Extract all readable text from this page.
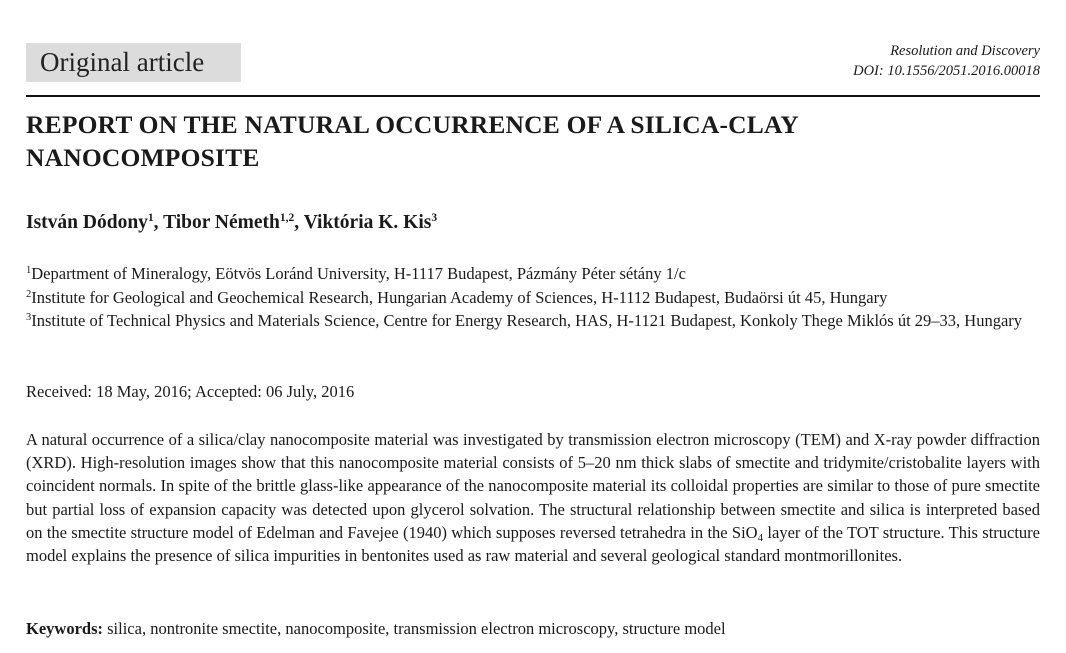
Original article	Resolution and Discovery
DOI: 10.1556/2051.2016.00018
REPORT ON THE NATURAL OCCURRENCE OF A SILICA-CLAY
NANOCOMPOSITE
István Dódony$^1$, Tibor Németh$^{1,2}$, Viktória K. Kis$^3$
$^1$Department of Mineralogy, Eötvös Loránd University, H-1117 Budapest, Pázmány Péter sétány 1/c
$^2$Institute for Geological and Geochemical Research, Hungarian Academy of Sciences, H-1112 Budapest, Budaörsi út 45, Hungary
$^3$Institute of Technical Physics and Materials Science, Centre for Energy Research, HAS, H-1121 Budapest, Konkoly Thege Miklós út 29–33, Hungary
Received: 18 May, 2016; Accepted: 06 July, 2016

A natural occurrence of a silica/clay nanocomposite material was investigated by transmission electron microscopy (TEM) and X-ray powder diffraction (XRD). High-resolution images show that this nanocomposite material consists of 5–20 nm thick slabs of smectite and tridymite/cristobalite layers with coincident normals. In spite of the brittle glass-like appearance of the nanocomposite material its colloidal properties are similar to those of pure smectite but partial loss of expansion capacity was detected upon glycerol solvation. The structural relationship between smectite and silica is interpreted based on the smectite structure model of Edelman and Favejee (1940) which supposes reversed tetrahedra in the SiO$_4$ layer of the TOT structure. This structure model explains the presence of silica impurities in bentonites used as raw material and several geological standard montmorillonites.

Keywords: silica, nontronite smectite, nanocomposite, transmission electron microscopy, structure model
